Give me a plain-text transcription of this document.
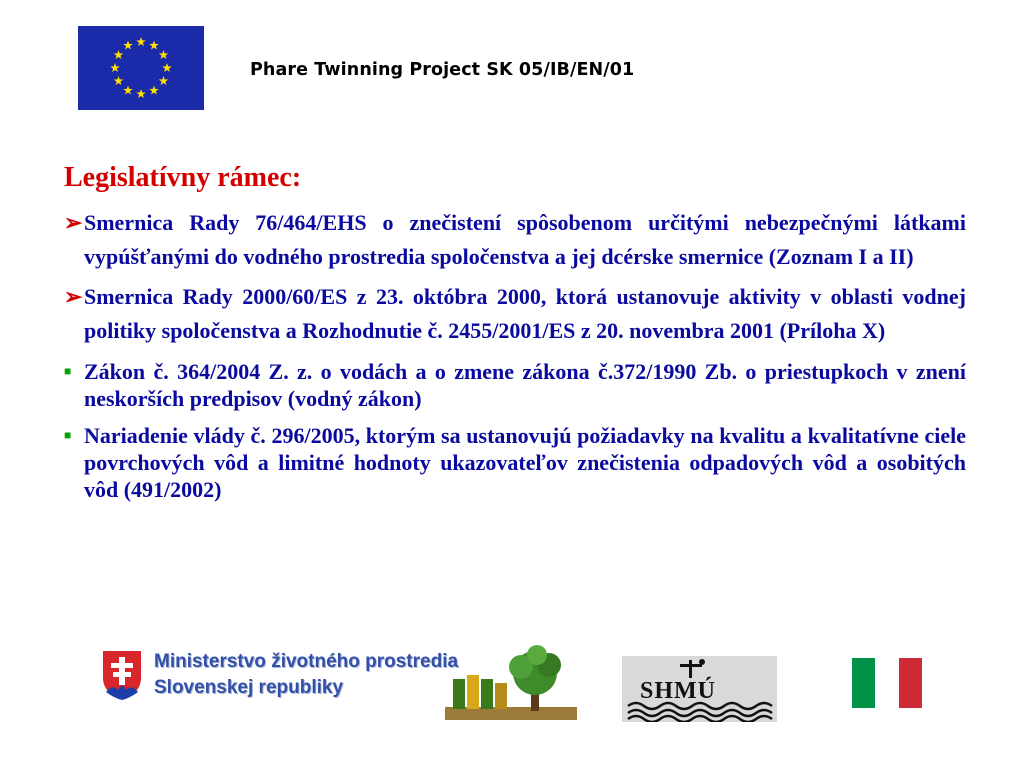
Phare Twinning Project SK 05/IB/EN/01
Legislatívny rámec:
➢ Smernica Rady 76/464/EHS o znečistení spôsobenom určitými nebezpečnými látkami vypúšťanými do vodného prostredia spoločenstva a jej dcérske smernice (Zoznam I a II)
➢ Smernica Rady 2000/60/ES z 23. októbra 2000, ktorá ustanovuje aktivity v oblasti vodnej politiky spoločenstva a Rozhodnutie č. 2455/2001/ES z 20. novembra 2001 (Príloha X)
■ Zákon č. 364/2004 Z. z. o vodách a o zmene zákona č.372/1990 Zb. o priestupkoch v znení neskorších predpisov (vodný zákon)
■ Nariadenie vlády č. 296/2005, ktorým sa ustanovujú požiadavky na kvalitu a kvalitatívne ciele povrchových vôd a limitné hodnoty ukazovateľov znečistenia odpadových vôd a osobitých vôd (491/2002)
Ministerstvo životného prostredia
Slovenskej republiky	SHMÚ
